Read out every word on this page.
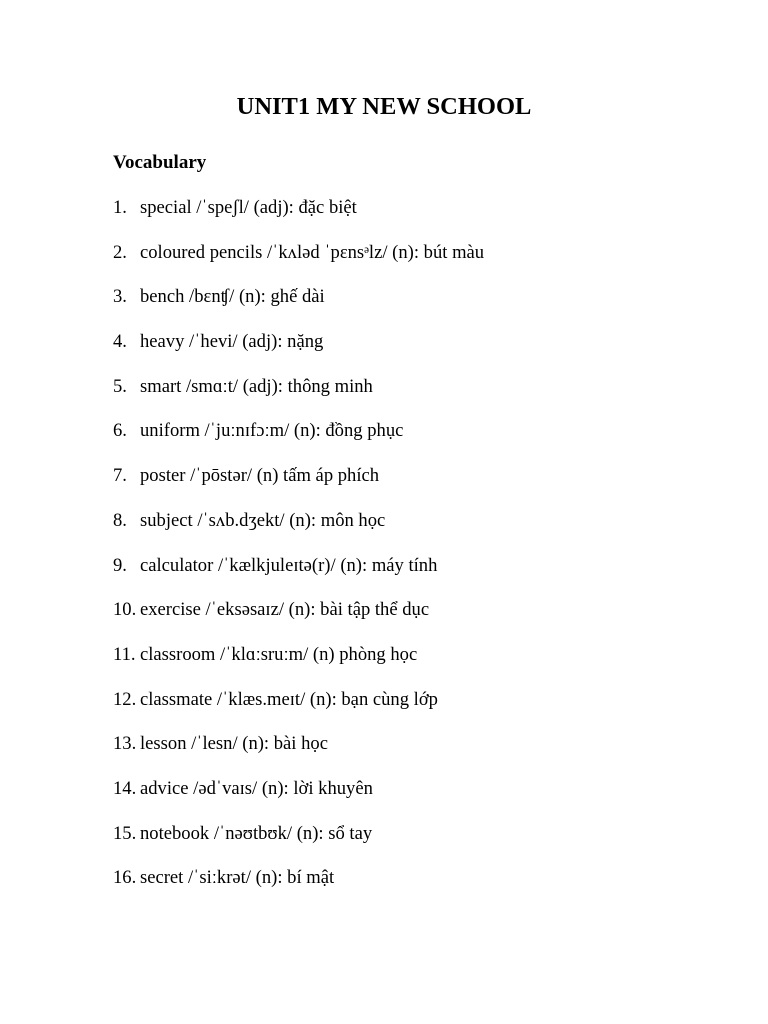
UNIT1 MY NEW SCHOOL
Vocabulary
1. special /ˈspeʃl/ (adj): đặc biệt
2. coloured pencils /ˈkʌləd ˈpɛnsᵊlz/ (n): bút màu
3. bench /bɛnʧ/ (n): ghế dài
4. heavy /ˈhevi/ (adj): nặng
5. smart /smɑːt/ (adj): thông minh
6. uniform /ˈjuːnɪfɔːm/ (n): đồng phục
7. poster /ˈpōstər/ (n) tấm áp phích
8. subject /ˈsʌb.dʒekt/ (n): môn học
9. calculator /ˈkælkjuleɪtə(r)/ (n): máy tính
10. exercise /ˈeksəsaɪz/ (n): bài tập thể dục
11. classroom /ˈklɑːsruːm/ (n) phòng học
12. classmate /ˈklæs.meɪt/ (n): bạn cùng lớp
13. lesson /ˈlesn/ (n): bài học
14. advice /ədˈvaɪs/ (n): lời khuyên
15. notebook /ˈnəʊtbʊk/ (n): sổ tay
16. secret /ˈsiːkrət/ (n): bí mật
